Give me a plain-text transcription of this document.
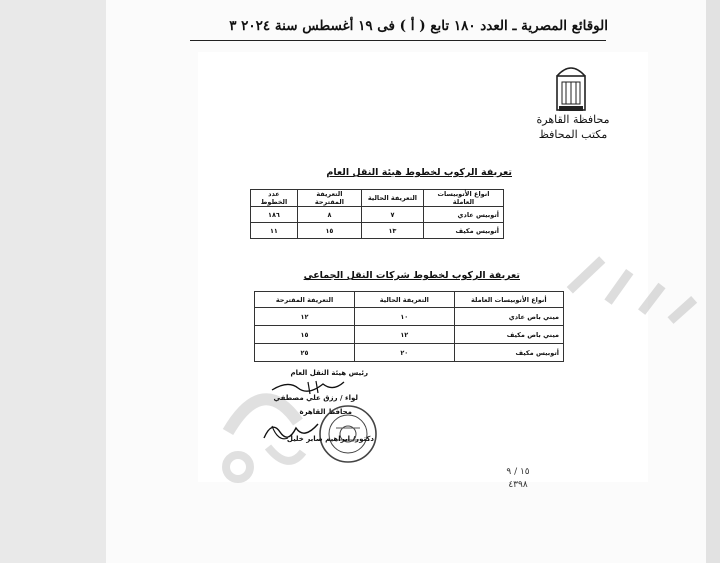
الوقائع المصرية ـ العدد ١٨٠ تابع ( أ ) فى ١٩ أغسطس سنة ٢٠٢٤ ٣
محافظة القاهرة
مكتب المحافظ
تعريفة الركوب لخطوط هيئة النقل العام
انواع الأتوبيسات العاملة	التعريفة الحالية	التعريفة المقترحة	عدد الخطوط
أتوبيس عادي	٧	٨	١٨٦
أتوبيس مكيف	١٣	١٥	١١
تعريفة الركوب لخطوط شركات النقل الجماعي
أنواع الأتوبيسات العاملة	التعريفة الحالية	التعريفة المقترحة
ميني باص عادي	١٠	١٢
ميني باص مكيف	١٢	١٥
أتوبيس مكيف	٢٠	٢٥
رئيس هيئة النقل العام
لواء / رزق علي مصطفي
محافظ القاهرة
دكتور/ ابراهيم صابر خليل
١٥ / ٩
٤٣٩٨
